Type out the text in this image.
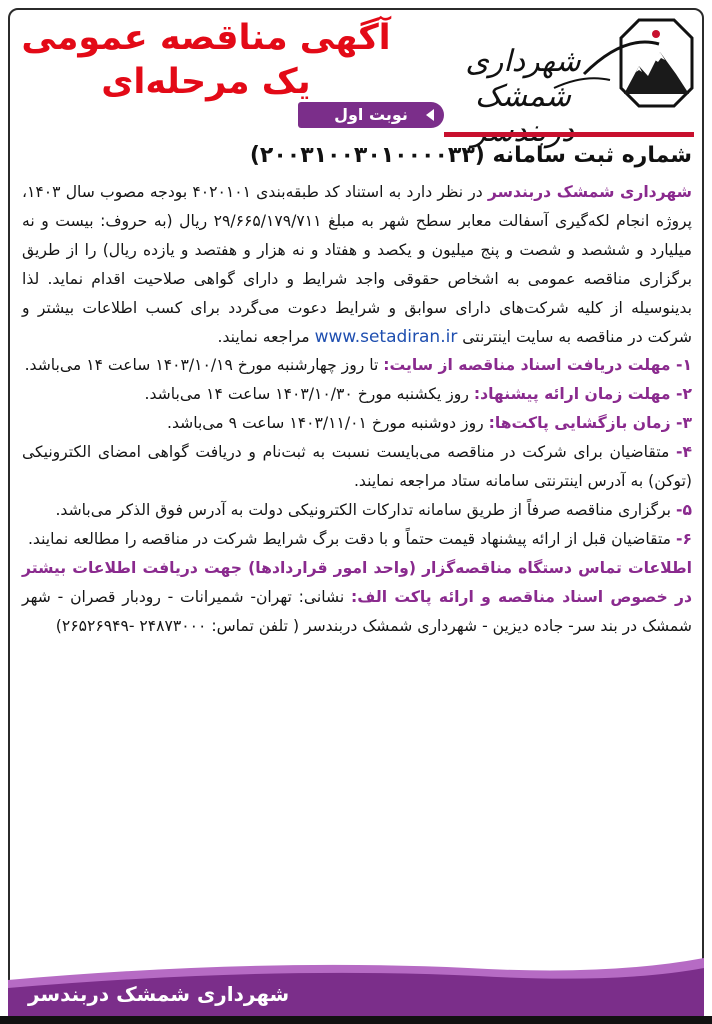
شهرداری شمشک
آگهی مناقصه عمومی
یک مرحله‌ای
نوبت اول
شماره ثبت سامانه (۲۰۰۳۱۰۰۳۰۱۰۰۰۰۳۳)

شهرداری شمشک دربندسر در نظر دارد به استناد کد طبقه‌بندی ۴۰۲۰۱۰۱ بودجه مصوب سال ۱۴۰۳، پروژه انجام لکه‌گیری آسفالت معابر سطح شهر به مبلغ ۲۹/۶۶۵/۱۷۹/۷۱۱ ریال (به حروف: بیست و نه میلیارد و ششصد و شصت و پنج میلیون و یکصد و هفتاد و نه هزار و هفتصد و یازده ریال) را از طریق برگزاری مناقصه عمومی به اشخاص حقوقی واجد شرایط و دارای گواهی صلاحیت اقدام نماید. لذا بدینوسیله از کلیه شرکت‌های دارای سوابق و شرایط دعوت می‌گردد برای کسب اطلاعات بیشتر و شرکت در مناقصه به سایت اینترنتی www.setadiran.ir مراجعه نمایند.

۱- مهلت دریافت اسناد مناقصه از سایت: تا روز چهارشنبه مورخ ۱۴۰۳/۱۰/۱۹ ساعت ۱۴ می‌باشد.

۲- مهلت زمان ارائه پیشنهاد: روز یکشنبه مورخ ۱۴۰۳/۱۰/۳۰ ساعت ۱۴ می‌باشد.

۳- زمان بازگشایی پاکت‌ها: روز دوشنبه مورخ ۱۴۰۳/۱۱/۰۱ ساعت ۹ می‌باشد.

۴- متقاضیان برای شرکت در مناقصه می‌بایست نسبت به ثبت‌نام و دریافت گواهی امضای الکترونیکی (توکن) به آدرس اینترنتی سامانه ستاد مراجعه نمایند.

۵- برگزاری مناقصه صرفاً از طریق سامانه تدارکات الکترونیکی دولت به آدرس فوق الذکر می‌باشد.

۶- متقاضیان قبل از ارائه پیشنهاد قیمت حتماً و با دقت برگ شرایط شرکت در مناقصه را مطالعه نمایند.

اطلاعات تماس دستگاه مناقصه‌گزار (واحد امور قراردادها) جهت دریافت اطلاعات بیشتر در خصوص اسناد مناقصه و ارائه پاکت الف: نشانی: تهران- شمیرانات - رودبار قصران - شهر شمشک در بند سر- جاده دیزین - شهرداری شمشک دربندسر ( تلفن تماس: ۲۴۸۷۳۰۰۰ -۲۶۵۲۶۹۴۹)

شهرداری شمشک دربندسر
